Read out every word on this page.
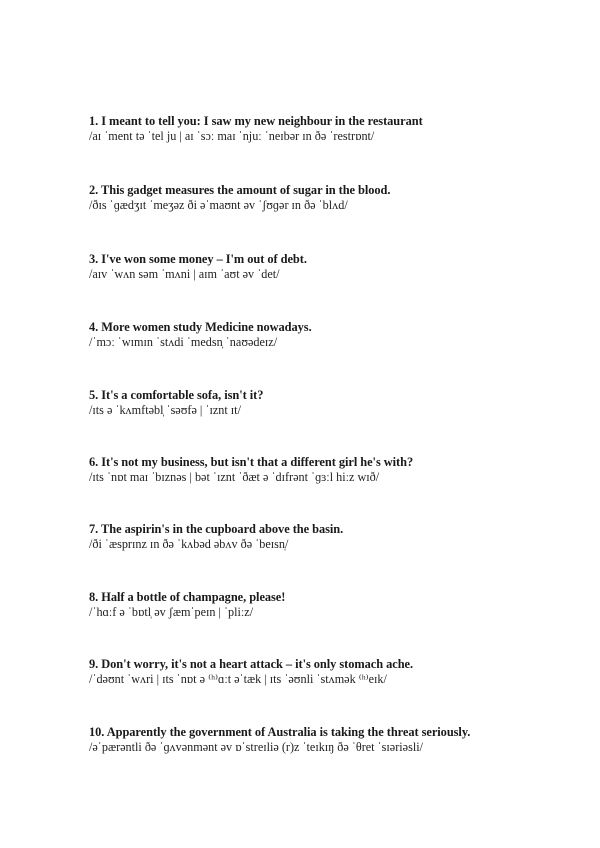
1. I meant to tell you: I saw my new neighbour in the restaurant
/aɪ ˈment tə ˈtel ju | aɪ ˈsɔː maɪ ˈnjuː ˈneɪbər ɪn ðə ˈrestrɒnt/
2. This gadget measures the amount of sugar in the blood.
/ðɪs ˈɡædʒɪt ˈmeʒəz ði əˈmaʊnt əv ˈʃʊɡər ɪn ðə ˈblʌd/
3. I've won some money – I'm out of debt.
/aɪv ˈwʌn səm ˈmʌni | aɪm ˈaʊt əv ˈdet/
4. More women study Medicine nowadays.
/ˈmɔː ˈwɪmɪn ˈstʌdi ˈmedsn̩ ˈnaʊədeɪz/
5. It's a comfortable sofa, isn't it?
/ɪts ə ˈkʌmftəbl̩ ˈsəʊfə | ˈɪznt ɪt/
6. It's not my business, but isn't that a different girl he's with?
/ɪts ˈnɒt maɪ ˈbɪznəs | bət ˈɪznt ˈðæt ə ˈdɪfrənt ˈɡɜːl hiːz wɪð/
7. The aspirin's in the cupboard above the basin.
/ði ˈæsprɪnz ɪn ðə ˈkʌbəd əbʌv ðə ˈbeɪsn̩/
8. Half a bottle of champagne, please!
/ˈhɑːf ə ˈbɒtl̩ əv ʃæmˈpeɪn | ˈpliːz/
9. Don't worry, it's not a heart attack – it's only stomach ache.
/ˈdəʊnt ˈwʌri | ɪts ˈnɒt ə ⁽ʰ⁾ɑːt əˈtæk | ɪts ˈəʊnli ˈstʌmək ⁽ʰ⁾eɪk/
10. Apparently the government of Australia is taking the threat seriously.
/əˈpærəntli ðə ˈɡʌvənmənt əv ɒˈstreɪliə (r)z ˈteɪkɪŋ ðə ˈθret ˈsɪəriəsli/
